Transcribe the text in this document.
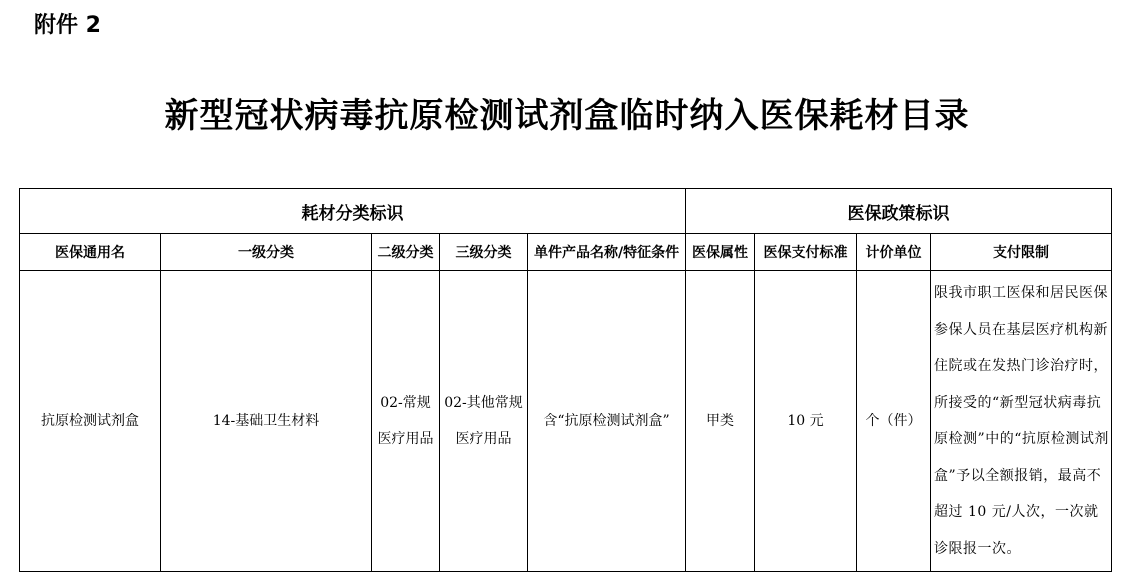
附件 2
新型冠状病毒抗原检测试剂盒临时纳入医保耗材目录
耗材分类标识					医保政策标识			
医保通用名	一级分类	二级分类	三级分类	单件产品名称/特征条件	医保属性	医保支付标准	计价单位	支付限制
抗原检测试剂盒	14-基础卫生材料	02-常规医疗用品	02-其他常规医疗用品	含“抗原检测试剂盒”	甲类	10 元	个（件）	限我市职工医保和居民医保参保人员在基层医疗机构新住院或在发热门诊治疗时，所接受的“新型冠状病毒抗原检测”中的“抗原检测试剂盒”予以全额报销，最高不超过 10 元/人次，一次就诊限报一次。
